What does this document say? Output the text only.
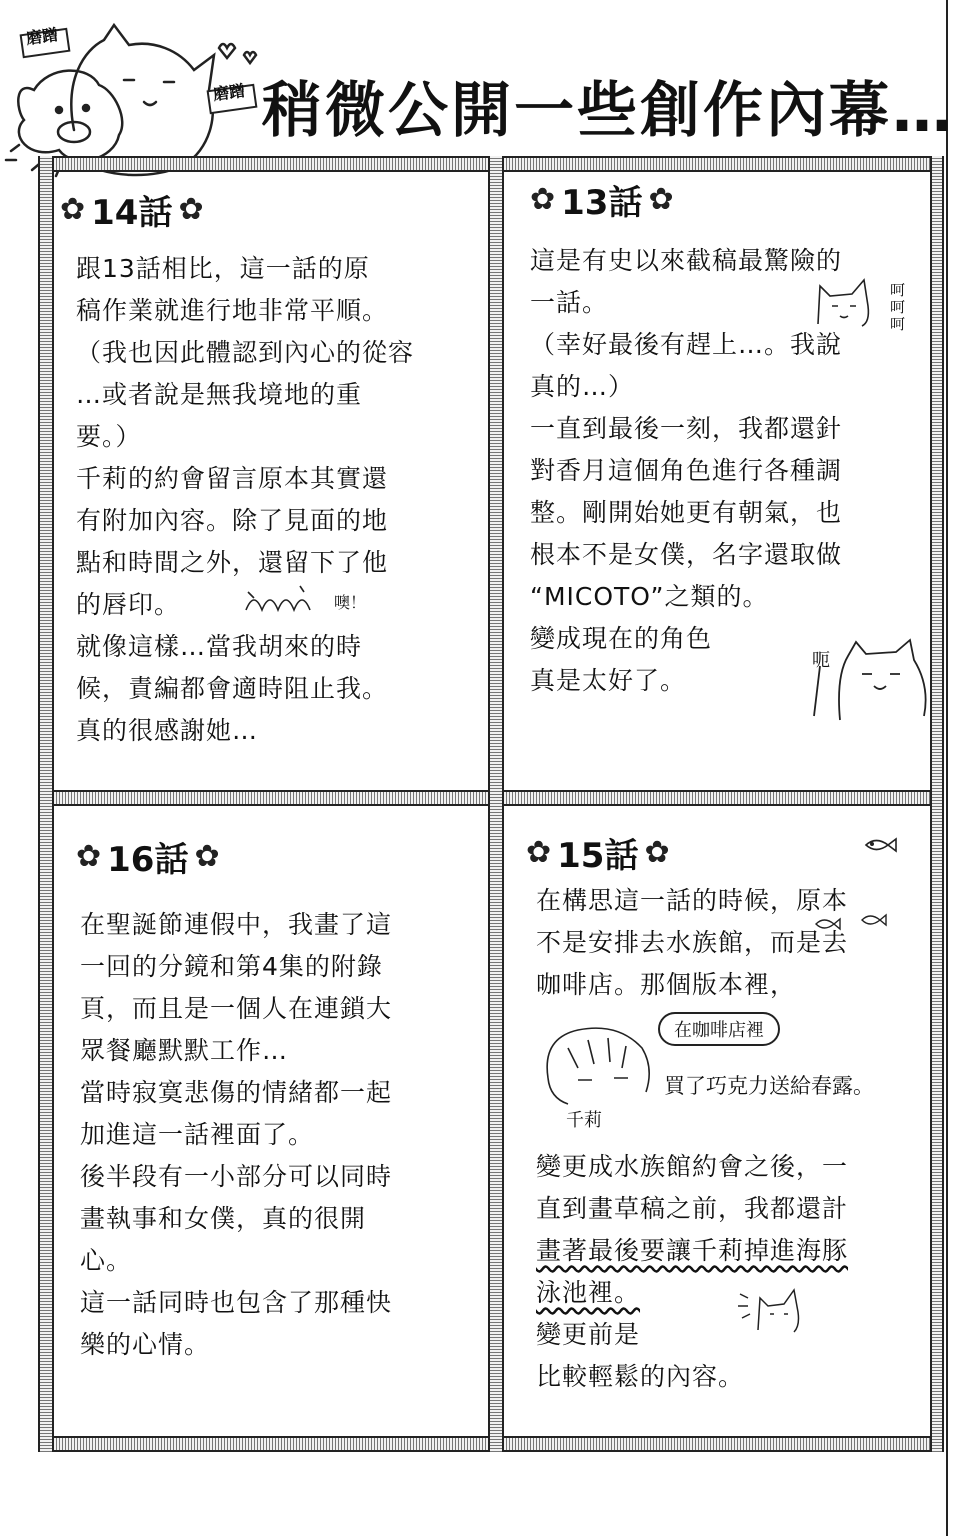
磨蹭
磨蹭 稍微公開一些創作內幕…
✿ 14話 ✿
跟13話相比，這一話的原
稿作業就進行地非常平順。
（我也因此體認到內心的從容
…或者說是無我境地的重
要。）
千莉的約會留言原本其實還
有附加內容。除了見面的地
點和時間之外，還留下了他
的唇印。
就像這樣…當我胡來的時
候，責編都會適時阻止我。
真的很感謝她…
噢！
✿ 13話 ✿
這是有史以來截稿最驚險的
一話。
（幸好最後有趕上…。我說
真的…）
一直到最後一刻，我都還針
對香月這個角色進行各種調
整。剛開始她更有朝氣，也
根本不是女僕，名字還取做
“MICOTO”之類的。
變成現在的角色
真是太好了。
呵呵呵
呃
✿ 16話 ✿
在聖誕節連假中，我畫了這
一回的分鏡和第4集的附錄
頁，而且是一個人在連鎖大
眾餐廳默默工作…
當時寂寞悲傷的情緒都一起
加進這一話裡面了。
後半段有一小部分可以同時
畫執事和女僕，真的很開
心。
這一話同時也包含了那種快
樂的心情。
✿ 15話 ✿
在構思這一話的時候，原本
不是安排去水族館，而是去
咖啡店。那個版本裡，
在咖啡店裡
買了巧克力送給春露。
千莉
變更成水族館約會之後，一
直到畫草稿之前，我都還計
畫著最後要讓千莉掉進海豚
泳池裡。
變更前是
比較輕鬆的內容。
